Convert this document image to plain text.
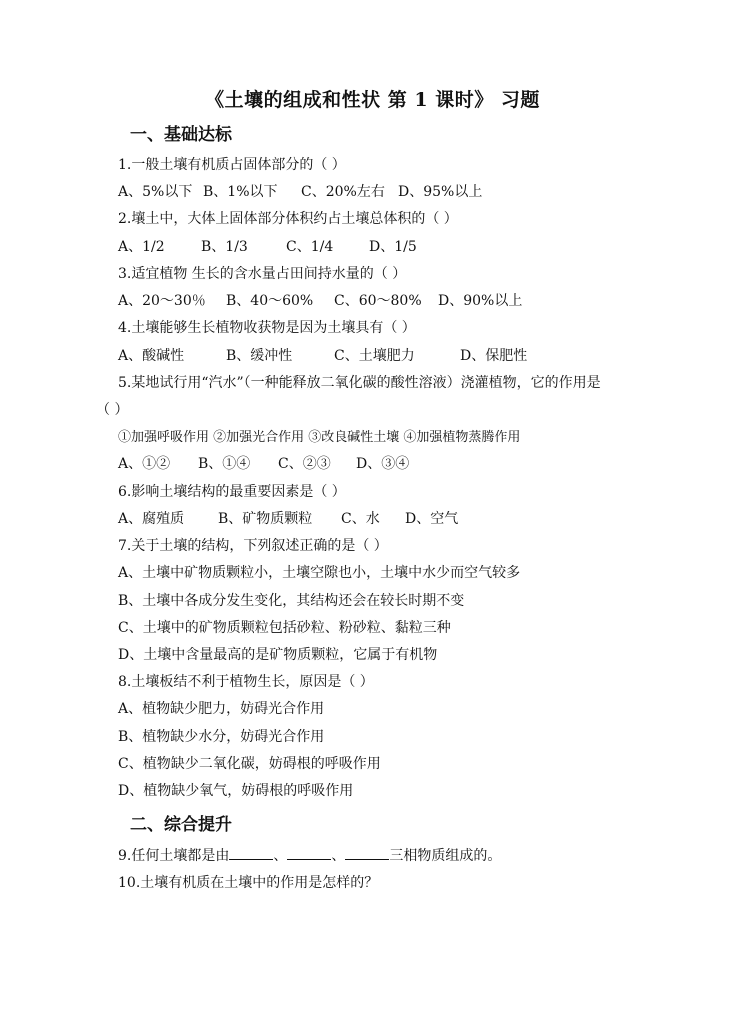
《土壤的组成和性状 第 1 课时》 习题
一、基础达标
1.一般土壤有机质占固体部分的（ ）
A、5%以下 B、1%以下 C、20%左右 D、95%以上
2.壤土中，大体上固体部分体积约占土壤总体积的（ ）
A、1/2	B、1/3	C、1/4	D、1/5
3.适宜植物 生长的含水量占田间持水量的（ ）
A、20～30％ B、40～60% C、60～80% D、90%以上
4.土壤能够生长植物收获物是因为土壤具有（ ）
A、酸碱性	B、缓冲性	C、土壤肥力	D、保肥性
5.某地试行用“汽水”（一种能释放二氧化碳的酸性溶液）浇灌植物，它的作用是
（ ）
①加强呼吸作用 ②加强光合作用 ③改良碱性土壤 ④加强植物蒸腾作用
A、①② B、①④ C、②③ D、③④
6.影响土壤结构的最重要因素是（ ）
A、腐殖质 B、矿物质颗粒 C、水 D、空气
7.关于土壤的结构，下列叙述正确的是（ ）
A、土壤中矿物质颗粒小，土壤空隙也小，土壤中水少而空气较多
B、土壤中各成分发生变化，其结构还会在较长时期不变
C、土壤中的矿物质颗粒包括砂粒、粉砂粒、黏粒三种
D、土壤中含量最高的是矿物质颗粒，它属于有机物
8.土壤板结不利于植物生长，原因是（ ）
A、植物缺少肥力，妨碍光合作用
B、植物缺少水分，妨碍光合作用
C、植物缺少二氧化碳，妨碍根的呼吸作用
D、植物缺少氧气，妨碍根的呼吸作用
二、综合提升
9.任何土壤都是由	、	、	三相物质组成的。
10.土壤有机质在土壤中的作用是怎样的？
